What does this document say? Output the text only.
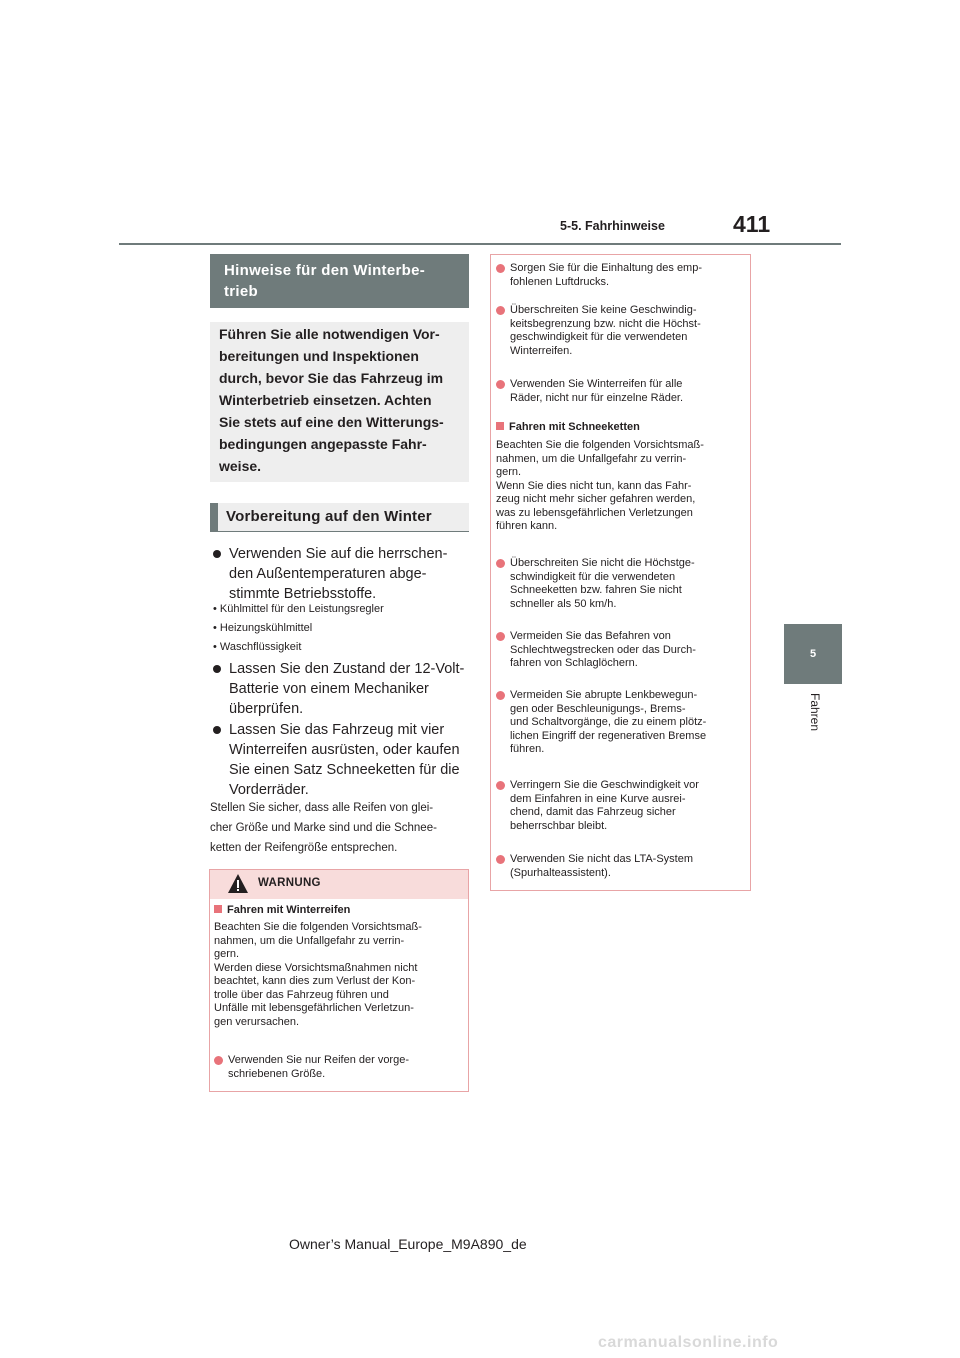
5-5. Fahrhinweise	411
5
Fahren
Hinweise für den Winterbe-
trieb
Führen Sie alle notwendigen Vor-
bereitungen und Inspektionen
durch, bevor Sie das Fahrzeug im
Winterbetrieb einsetzen. Achten
Sie stets auf eine den Witterungs-
bedingungen angepasste Fahr-
weise.
Vorbereitung auf den Winter
Verwenden Sie auf die herrschen-
den Außentemperaturen abge-
stimmte Betriebsstoffe.
• Kühlmittel für den Leistungsregler
• Heizungskühlmittel
• Waschflüssigkeit
Lassen Sie den Zustand der 12-Volt-
Batterie von einem Mechaniker
überprüfen.
Lassen Sie das Fahrzeug mit vier
Winterreifen ausrüsten, oder kaufen
Sie einen Satz Schneeketten für die
Vorderräder.
Stellen Sie sicher, dass alle Reifen von glei-
cher Größe und Marke sind und die Schnee-
ketten der Reifengröße entsprechen.
WARNUNG
Fahren mit Winterreifen
Beachten Sie die folgenden Vorsichtsmaß-
nahmen, um die Unfallgefahr zu verrin-
gern.
Werden diese Vorsichtsmaßnahmen nicht
beachtet, kann dies zum Verlust der Kon-
trolle über das Fahrzeug führen und
Unfälle mit lebensgefährlichen Verletzun-
gen verursachen.
Verwenden Sie nur Reifen der vorge-
schriebenen Größe.
Sorgen Sie für die Einhaltung des emp-
fohlenen Luftdrucks.
Überschreiten Sie keine Geschwindig-
keitsbegrenzung bzw. nicht die Höchst-
geschwindigkeit für die verwendeten
Winterreifen.
Verwenden Sie Winterreifen für alle
Räder, nicht nur für einzelne Räder.
Fahren mit Schneeketten
Beachten Sie die folgenden Vorsichtsmaß-
nahmen, um die Unfallgefahr zu verrin-
gern.
Wenn Sie dies nicht tun, kann das Fahr-
zeug nicht mehr sicher gefahren werden,
was zu lebensgefährlichen Verletzungen
führen kann.
Überschreiten Sie nicht die Höchstge-
schwindigkeit für die verwendeten
Schneeketten bzw. fahren Sie nicht
schneller als 50 km/h.
Vermeiden Sie das Befahren von
Schlechtwegstrecken oder das Durch-
fahren von Schlaglöchern.
Vermeiden Sie abrupte Lenkbewegun-
gen oder Beschleunigungs-, Brems-
und Schaltvorgänge, die zu einem plötz-
lichen Eingriff der regenerativen Bremse
führen.
Verringern Sie die Geschwindigkeit vor
dem Einfahren in eine Kurve ausrei-
chend, damit das Fahrzeug sicher
beherrschbar bleibt.
Verwenden Sie nicht das LTA-System
(Spurhalteassistent).
Owner’s Manual_Europe_M9A890_de
carmanualsonline.info
